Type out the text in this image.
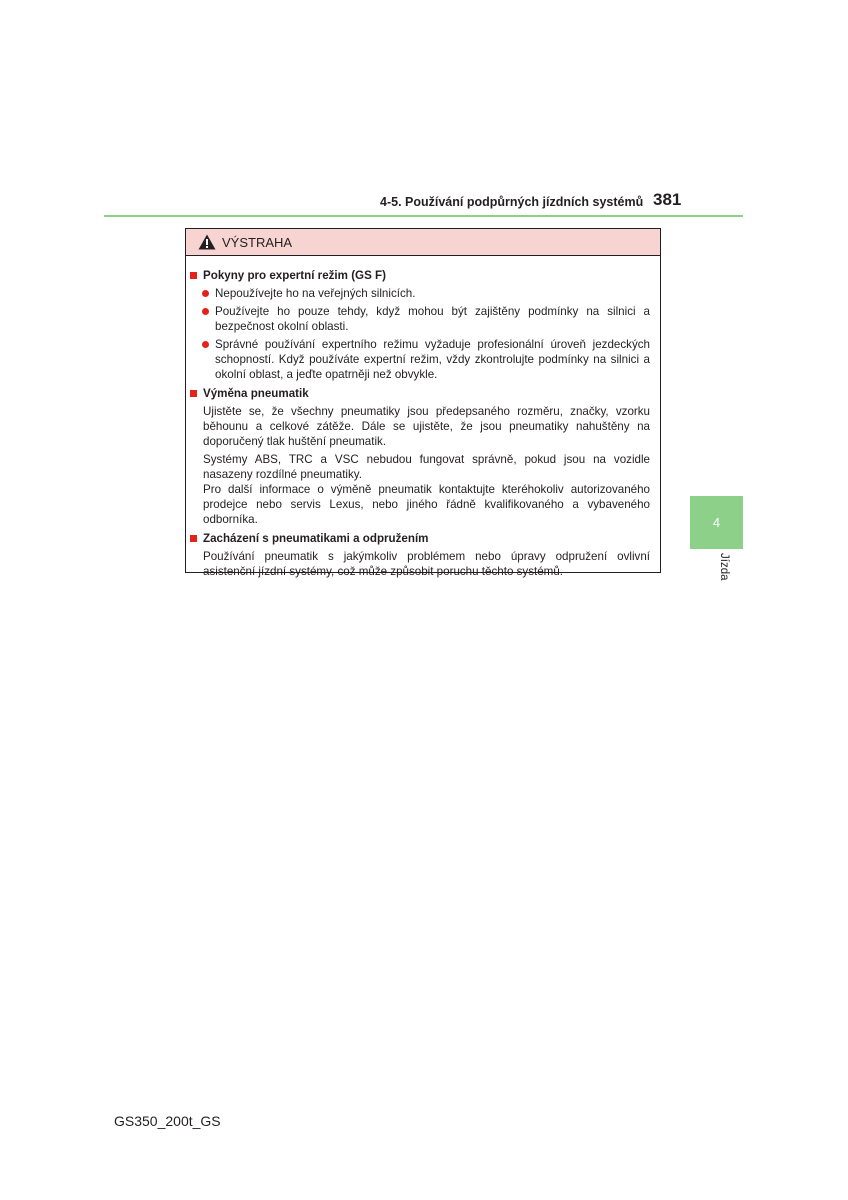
4-5. Používání podpůrných jízdních systémů 381
4
Jízda
VÝSTRAHA
Pokyny pro expertní režim (GS F)
Nepoužívejte ho na veřejných silnicích.
Používejte ho pouze tehdy, když mohou být zajištěny podmínky na silnici a bezpečnost okolní oblasti.
Správné používání expertního režimu vyžaduje profesionální úroveň jezdeckých schopností. Když používáte expertní režim, vždy zkontrolujte podmínky na silnici a okolní oblast, a jeďte opatrněji než obvykle.
Výměna pneumatik
Ujistěte se, že všechny pneumatiky jsou předepsaného rozměru, značky, vzorku běhounu a celkové zátěže. Dále se ujistěte, že jsou pneumatiky nahuštěny na doporučený tlak huštění pneumatik.
Systémy ABS, TRC a VSC nebudou fungovat správně, pokud jsou na vozidle nasazeny rozdílné pneumatiky.
Pro další informace o výměně pneumatik kontaktujte kteréhokoliv autorizovaného prodejce nebo servis Lexus, nebo jiného řádně kvalifikovaného a vybaveného odborníka.
Zacházení s pneumatikami a odpružením
Používání pneumatik s jakýmkoliv problémem nebo úpravy odpružení ovlivní asistenční jízdní systémy, což může způsobit poruchu těchto systémů.
GS350_200t_GS
